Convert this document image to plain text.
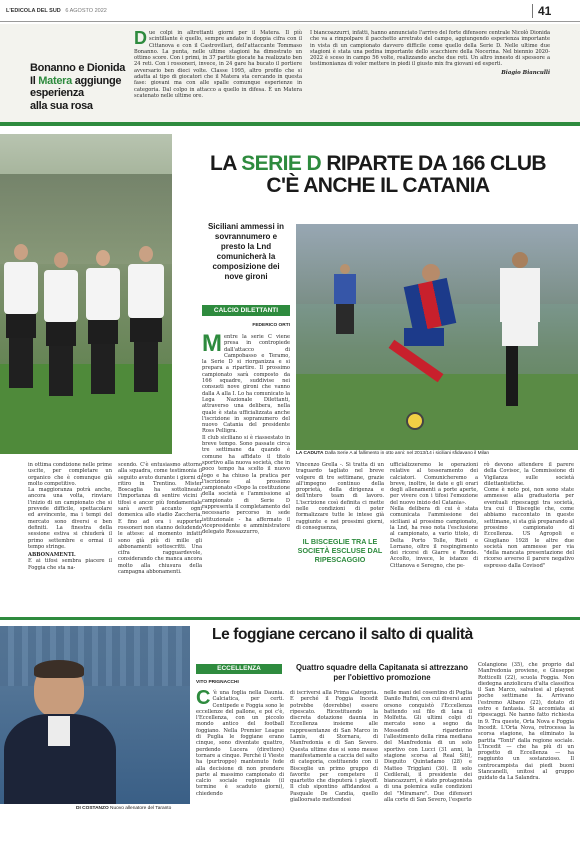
L'EDICOLA DEL SUD 6 AGOSTO 2022	41
Bonanno e Dionida
Il Matera aggiunge
esperienza
alla sua rosa
D ue colpi in altrettanti giorni per il Matera. Il più scintillante è quello, sempre andato in doppia cifra con il Cittanova e con il Castrovillari, dell'attaccante Tommaso Bonanno. La punta, nelle ultime stagioni ha dimostrato un ottimo score. Con i primi, in 37 partite giocate ha realizzato ben 24 reti. Con i rossoneri, invece, in 24 gare ha bucato il portiere avversario ben dieci volte. Classe 1995, altro profilo che si adatta al tipo di giocatori che il Matera sta cercando in questa fase: giovani ma con alle spalle comunque esperienze in categoria. Dal colpo in attacco a quello in difesa. È un Matera scatenato nelle ultime ore.
I biancoazzurri, infatti, hanno annunciato l'arrivo del forte difensore centrale Nicolò Dionida che va a rimpolpare il pacchetto arretrato del campo, aggiungendo esperienza importante in vista di un campionato davvero difficile come quello della Serie D. Nelle ultime due stagioni è stata una pedina importante dello scacchiere della Nocerina. Nel biennio 2020-2022 è sceso in campo 56 volte, realizzando anche due reti. Un altro innesto di spessore a testimonianza di voler mettere in piedi il giusto mix fra giovani ed esperti.
Biagio Bianculli
LA SERIE D RIPARTE DA 166 CLUB
C'È ANCHE IL CATANIA
Siciliani ammessi in sovrannumero e presto la Lnd comunicherà la composizione dei nove gironi
CALCIO DILETTANTI
FEDERICO ORTI
M entre la serie C viene presa in contropiede dall'attacco di Campobasso e Teramo, la Serie D si riorganizza e si prepara a ripartire. Il prossimo campionato sarà composto da 166 squadre, suddivise nei consueti nove gironi che vanno dalla A alla I. Lo ha comunicato la Lega Nazionale Dilettanti, attraverso una delibera, nella quale è stata ufficializzata anche l'iscrizione in sopranumero del nuovo Catania del presidente Ross Pelligra.
Il club siciliano si è riassestato in breve tempo. Sono passate circa tre settimane da quando è comune ha affidato il titolo sportivo alla nuova società, che in poco tempo ha scelto il nuovo logo e ha chiuso la pratica per l'iscrizione al prossimo campionato «Dopo la costituzione della società e l'ammissione al campionato di Serie D rappresenta il completamento del necessario percorso in sede istituzionale - ha affermato il vicepresidente e amministratore delegato Rossazzurro,
LA CADUTA Dalla Serie A al fallimento in otto anni: nel 2013/14 i siciliani sfidavano il Milan
Vincenzo Grella -. Si tratta di un traguardo tagliato nel breve volgere di tre settimane, grazie all'impegno continuo della proprietà, della dirigenza e dell'intero team di lavoro. L'iscrizione così definita ci mette nelle condizioni di poter formalizzare tutte le intese già raggiunte e nei prossimi giorni, di conseguenza,
IL BISCEGLIE TRA LE SOCIETÀ ESCLUSE DAL RIPESCAGGIO
ufficializzeremo le operazioni relative al tesseramento dei calciatori. Comunicheremo a breve, inoltre, le date e gli orari degli allenamenti a porte aperte, per vivere con i tifosi l'emozione del nuovo inizio del Catania».
Nella delibera di cui è stata comunicata l'ammissione dei siciliani al prossimo campionato, la Lnd, ha reso nota l'esclusione al campionato, a vario titolo, di Delta Porto Tolle, Rieti e Lornano, oltre il respingimento dei ricorsi di Giarre e Rende. Accolto, invece, le istanze di Cittanova e Seregno, che pe-
rò devono attendere il parere della Covisoc, la Commissione di Vigilanza sulle società dilettantistiche.
Come è noto poi, non sono state ammesse alla graduatoria per eventuali ripescaggi tra società, tra cui il Bisceglie che, come abbiamo raccontato in queste settimane, si sta già preparando al prossimo campionato di Eccellenza. US Agropoli e Giugliano 1928 le altre due società non ammesse per via "della mancata presentazione del ricorso avverso il parere negativo espresso dalla Covisod"
in ottima condizione nelle prime uscite, per completare un organico che è comunque già molto competitivo.
La maggioranza potrà anche, ancora una volta, rinviare l'inizio di un campionato che si prevede difficile, spettacolare ed avvincente, ma i tempi del mercato sono diversi e ben definiti. La finestra della sessione estiva si chiuderà il primo settembre e ormai il tempo stringe.
ABBONAMENTI.
E ai tifosi sembra piacere il Foggia che sta na-
scendo. C'è entusiasmo attorno alla squadra, come testimonia il seguito avuto durante i giorni di ritiro in Trentino. Mister Boscaglia ha sottolineato l'importanza di sentire vicini i tifosi e ancor più fondamentale sarà averli accanto ogni domenica allo stadio Zaccheria. E fino ad ora i supporter rossoneri non stanno deludendo le attese: al momento infatti sono già più di mille gli abbonamenti sottoscritti. Una cifra ragguardevole, considerando che manca ancora molto alla chiusura della campagna abbonamenti.
DI COSTANZO Nuovo allenatore del Taranto
Le foggiane cercano il salto di qualità
ECCELLENZA
VITO PRIGNACCHI
Quattro squadre della Capitanata si attrezzano per l'obiettivo promozione
C 'è una foglia nella Daunia. Calciatica, per certi. Centipede e Foggia sono le eccellenze del pallone, e poi c'è, l'Eccellenza, con un piccolo mondo antico del football foggiano. Nella Premier League di Puglia le foggiane erano cinque, sono diventate quattro, perdendo Lucera (direttore) tornare a cinque. Perché il Vieste ha (purtroppo) mantenuto fede alla decisione di non prendere parte al massimo campionato di calcio sociale regionale (il termine è scaduto giorni), chiedendo
di iscriversi alla Prima Categoria. E perché il Foggia Incedit potrebbe (dovrebbe) essere ripescato. Ricostituendo la discreta dotazione daunia in Eccellenza insieme alle rappresentanze di San Marco in Lamis, di Stornara, di Manfredonia e di San Severo. Questa ultime due si sono messe manifestamente a caccia del salto di categoria, costituendo con il Bisceglie un primo gruppo di favorite per competere il quartetto che disputerà i playoff. Il club sipontino affidandosi a Pasquale De Candia, quello gialloorsato mettendosi
nelle mani del cosentino di Puglia Danilo Rufini, con cui diversi anni orsono conquistò l'Eccellenza battendo sul filo di lana il Molfetta. Gli ultimi colpi di mercato sono a segno da Mosseddi rigarderino l'allestimento della rima mediana del Manfredonia di un solo sportivo con Lucci (31 anni, la stagione scorsa al Real Siti), Dieguito Quintadamo (28) e Matteo Trigglani (30). Il solo Cedilerali, il presidente dei biancazzurri, è stato protagonista di una polemica sulle condizioni del "Miramare". Due difensori alla corte di San Severo, l'esperto
Colangione (35), che proprio dal Manfredonia proviene, e Giuseppe Rotticelli (22), scuola Foggia. Non diedegna anziolicura d'alta classifica il San Marco, salvatosi al playout poche settimane fa. Arrivano l'estremo Albano (22), dotato di estro e fantasia. Si accomiata ai ripescaggi. Ne hanno fatto richiesta in 9. Tra queste, Orta Nova e Foggia Incedit. L'Orta Nova, retrocessa la scorsa stagione, ha eliminato la partita "Tonti" dalla regione sociale. L'Incedit — che ha più di un progetto di Eccellenza — ha raggiunto un sostanzioso. Il centrocampista dai piedi buoni Stancanelli, unitosi al gruppo guidato da La Salandra.
